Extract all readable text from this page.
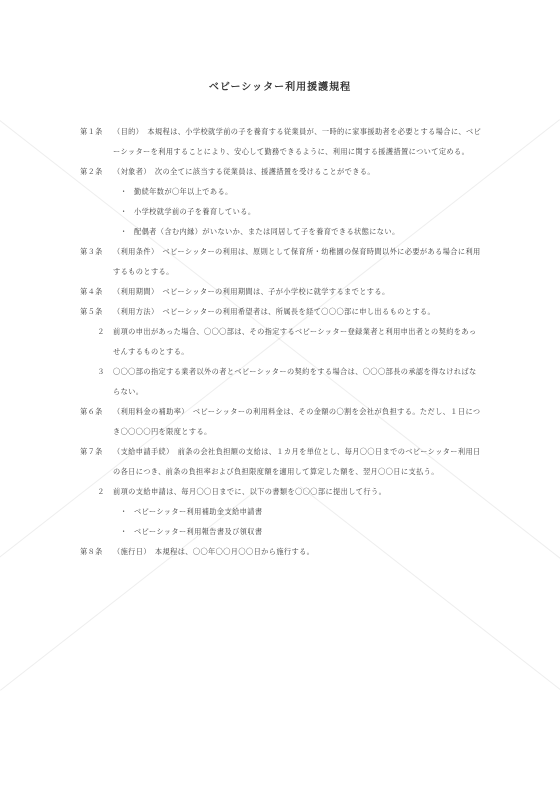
ベビーシッター利用援護規程
第１条	（目的）　本規程は、小学校就学前の子を養育する従業員が、一時的に家事援助者を必要とする場合に、ベビーシッターを利用することにより、安心して勤務できるように、利用に関する援護措置について定める。
第２条	（対象者）　次の全てに該当する従業員は、援護措置を受けることができる。
・ 勤続年数が〇年以上である。
・ 小学校就学前の子を養育している。
・ 配偶者（含む内縁）がいないか、または同居して子を養育できる状態にない。
第３条	（利用条件）　ベビーシッターの利用は、原則として保育所・幼稚園の保育時間以外に必要がある場合に利用するものとする。
第４条	（利用期間）　ベビーシッターの利用期間は、子が小学校に就学するまでとする。
第５条	（利用方法）　ベビーシッターの利用希望者は、所属長を経て〇〇〇部に申し出るものとする。
２	前項の申出があった場合、〇〇〇部は、その指定するベビーシッター登録業者と利用申出者との契約をあっせんするものとする。
３	〇〇〇部の指定する業者以外の者とベビーシッターの契約をする場合は、〇〇〇部長の承認を得なければならない。
第６条	（利用料金の補助率）　ベビーシッターの利用料金は、その金額の〇割を会社が負担する。ただし、１日につき〇〇〇〇円を限度とする。
第７条	（支給申請手続）　前条の会社負担額の支給は、１カ月を単位とし、毎月〇〇日までのベビーシッター利用日の各日につき、前条の負担率および負担限度額を適用して算定した額を、翌月〇〇日に支払う。
２	前項の支給申請は、毎月〇〇日までに、以下の書類を〇〇〇部に提出して行う。
・ ベビーシッター利用補助金支給申請書
・ ベビーシッター利用報告書及び領収書
第８条	（施行日）　本規程は、〇〇年〇〇月〇〇日から施行する。
